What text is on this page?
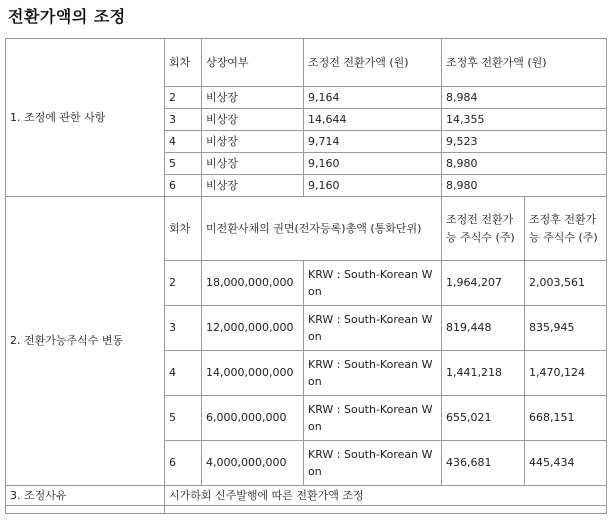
전환가액의 조정
1. 조정에 관한 사항	회차	상장여부	조정전 전환가액 (원)	조정후 전환가액 (원)	
	2	비상장	9,164	8,984	
	3	비상장	14,644	14,355	
	4	비상장	9,714	9,523	
	5	비상장	9,160	8,980	
	6	비상장	9,160	8,980	
2. 전환가능주식수 변동	회차	미전환사채의 권면(전자등록)총액 (통화단위)		조정전 전환가능 주식수 (주)	조정후 전환가능 주식수 (주)
	2	18,000,000,000	KRW : South-Korean Won	1,964,207	2,003,561
	3	12,000,000,000	KRW : South-Korean Won	819,448	835,945
	4	14,000,000,000	KRW : South-Korean Won	1,441,218	1,470,124
	5	6,000,000,000	KRW : South-Korean Won	655,021	668,151
	6	4,000,000,000	KRW : South-Korean Won	436,681	445,434
3. 조정사유	시가하회 신주발행에 따른 전환가액 조정				
